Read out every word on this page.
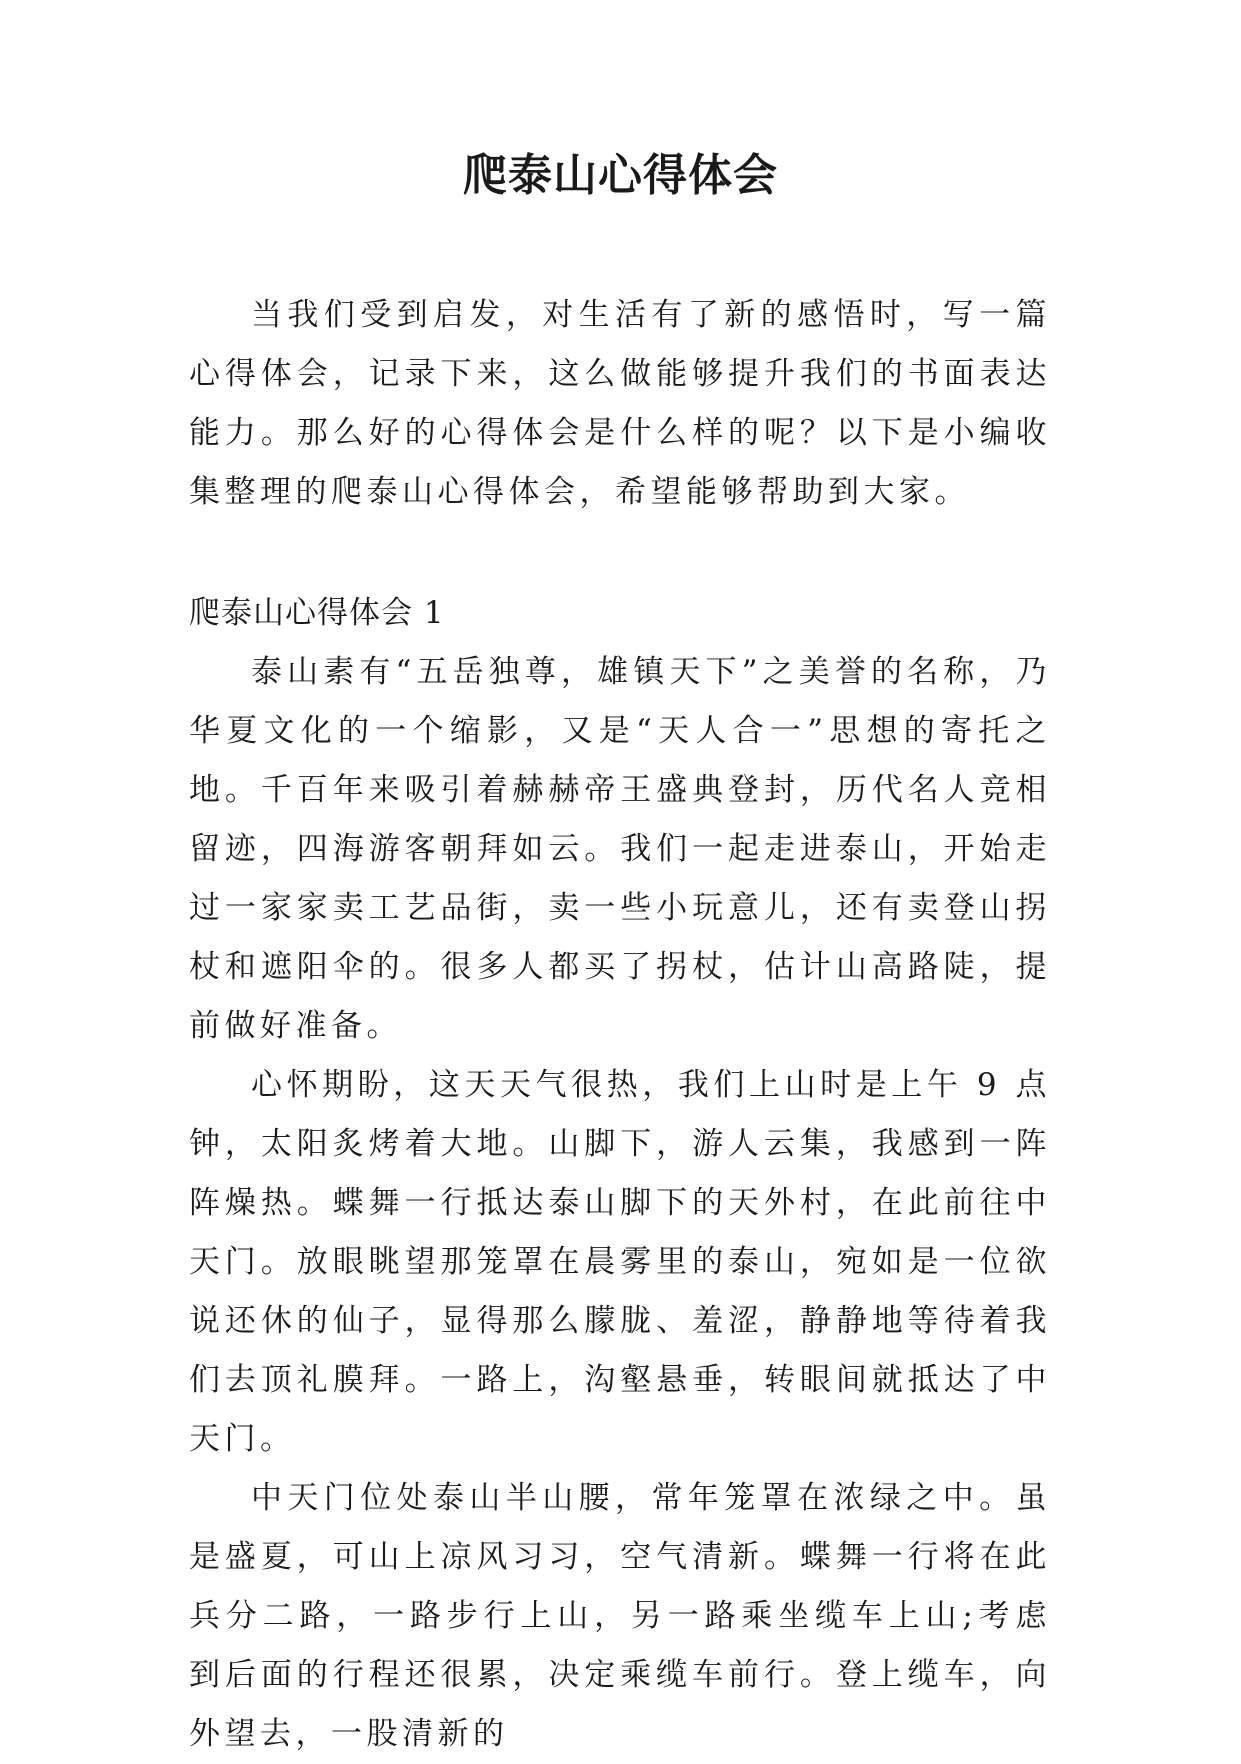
爬泰山心得体会

当我们受到启发，对生活有了新的感悟时，写一篇心得体会，记录下来，这么做能够提升我们的书面表达能力。那么好的心得体会是什么样的呢？以下是小编收集整理的爬泰山心得体会，希望能够帮助到大家。

爬泰山心得体会 1

泰山素有“五岳独尊，雄镇天下”之美誉的名称，乃华夏文化的一个缩影，又是“天人合一”思想的寄托之地。千百年来吸引着赫赫帝王盛典登封，历代名人竞相留迹，四海游客朝拜如云。我们一起走进泰山，开始走过一家家卖工艺品街，卖一些小玩意儿，还有卖登山拐杖和遮阳伞的。很多人都买了拐杖，估计山高路陡，提前做好准备。

心怀期盼，这天天气很热，我们上山时是上午 9 点钟，太阳炙烤着大地。山脚下，游人云集，我感到一阵阵燥热。蝶舞一行抵达泰山脚下的天外村，在此前往中天门。放眼眺望那笼罩在晨雾里的泰山，宛如是一位欲说还休的仙子，显得那么朦胧、羞涩，静静地等待着我们去顶礼膜拜。一路上，沟壑悬垂，转眼间就抵达了中天门。

中天门位处泰山半山腰，常年笼罩在浓绿之中。虽是盛夏，可山上凉风习习，空气清新。蝶舞一行将在此兵分二路，一路步行上山，另一路乘坐缆车上山;考虑到后面的行程还很累，决定乘缆车前行。登上缆车，向外望去，一股清新的
